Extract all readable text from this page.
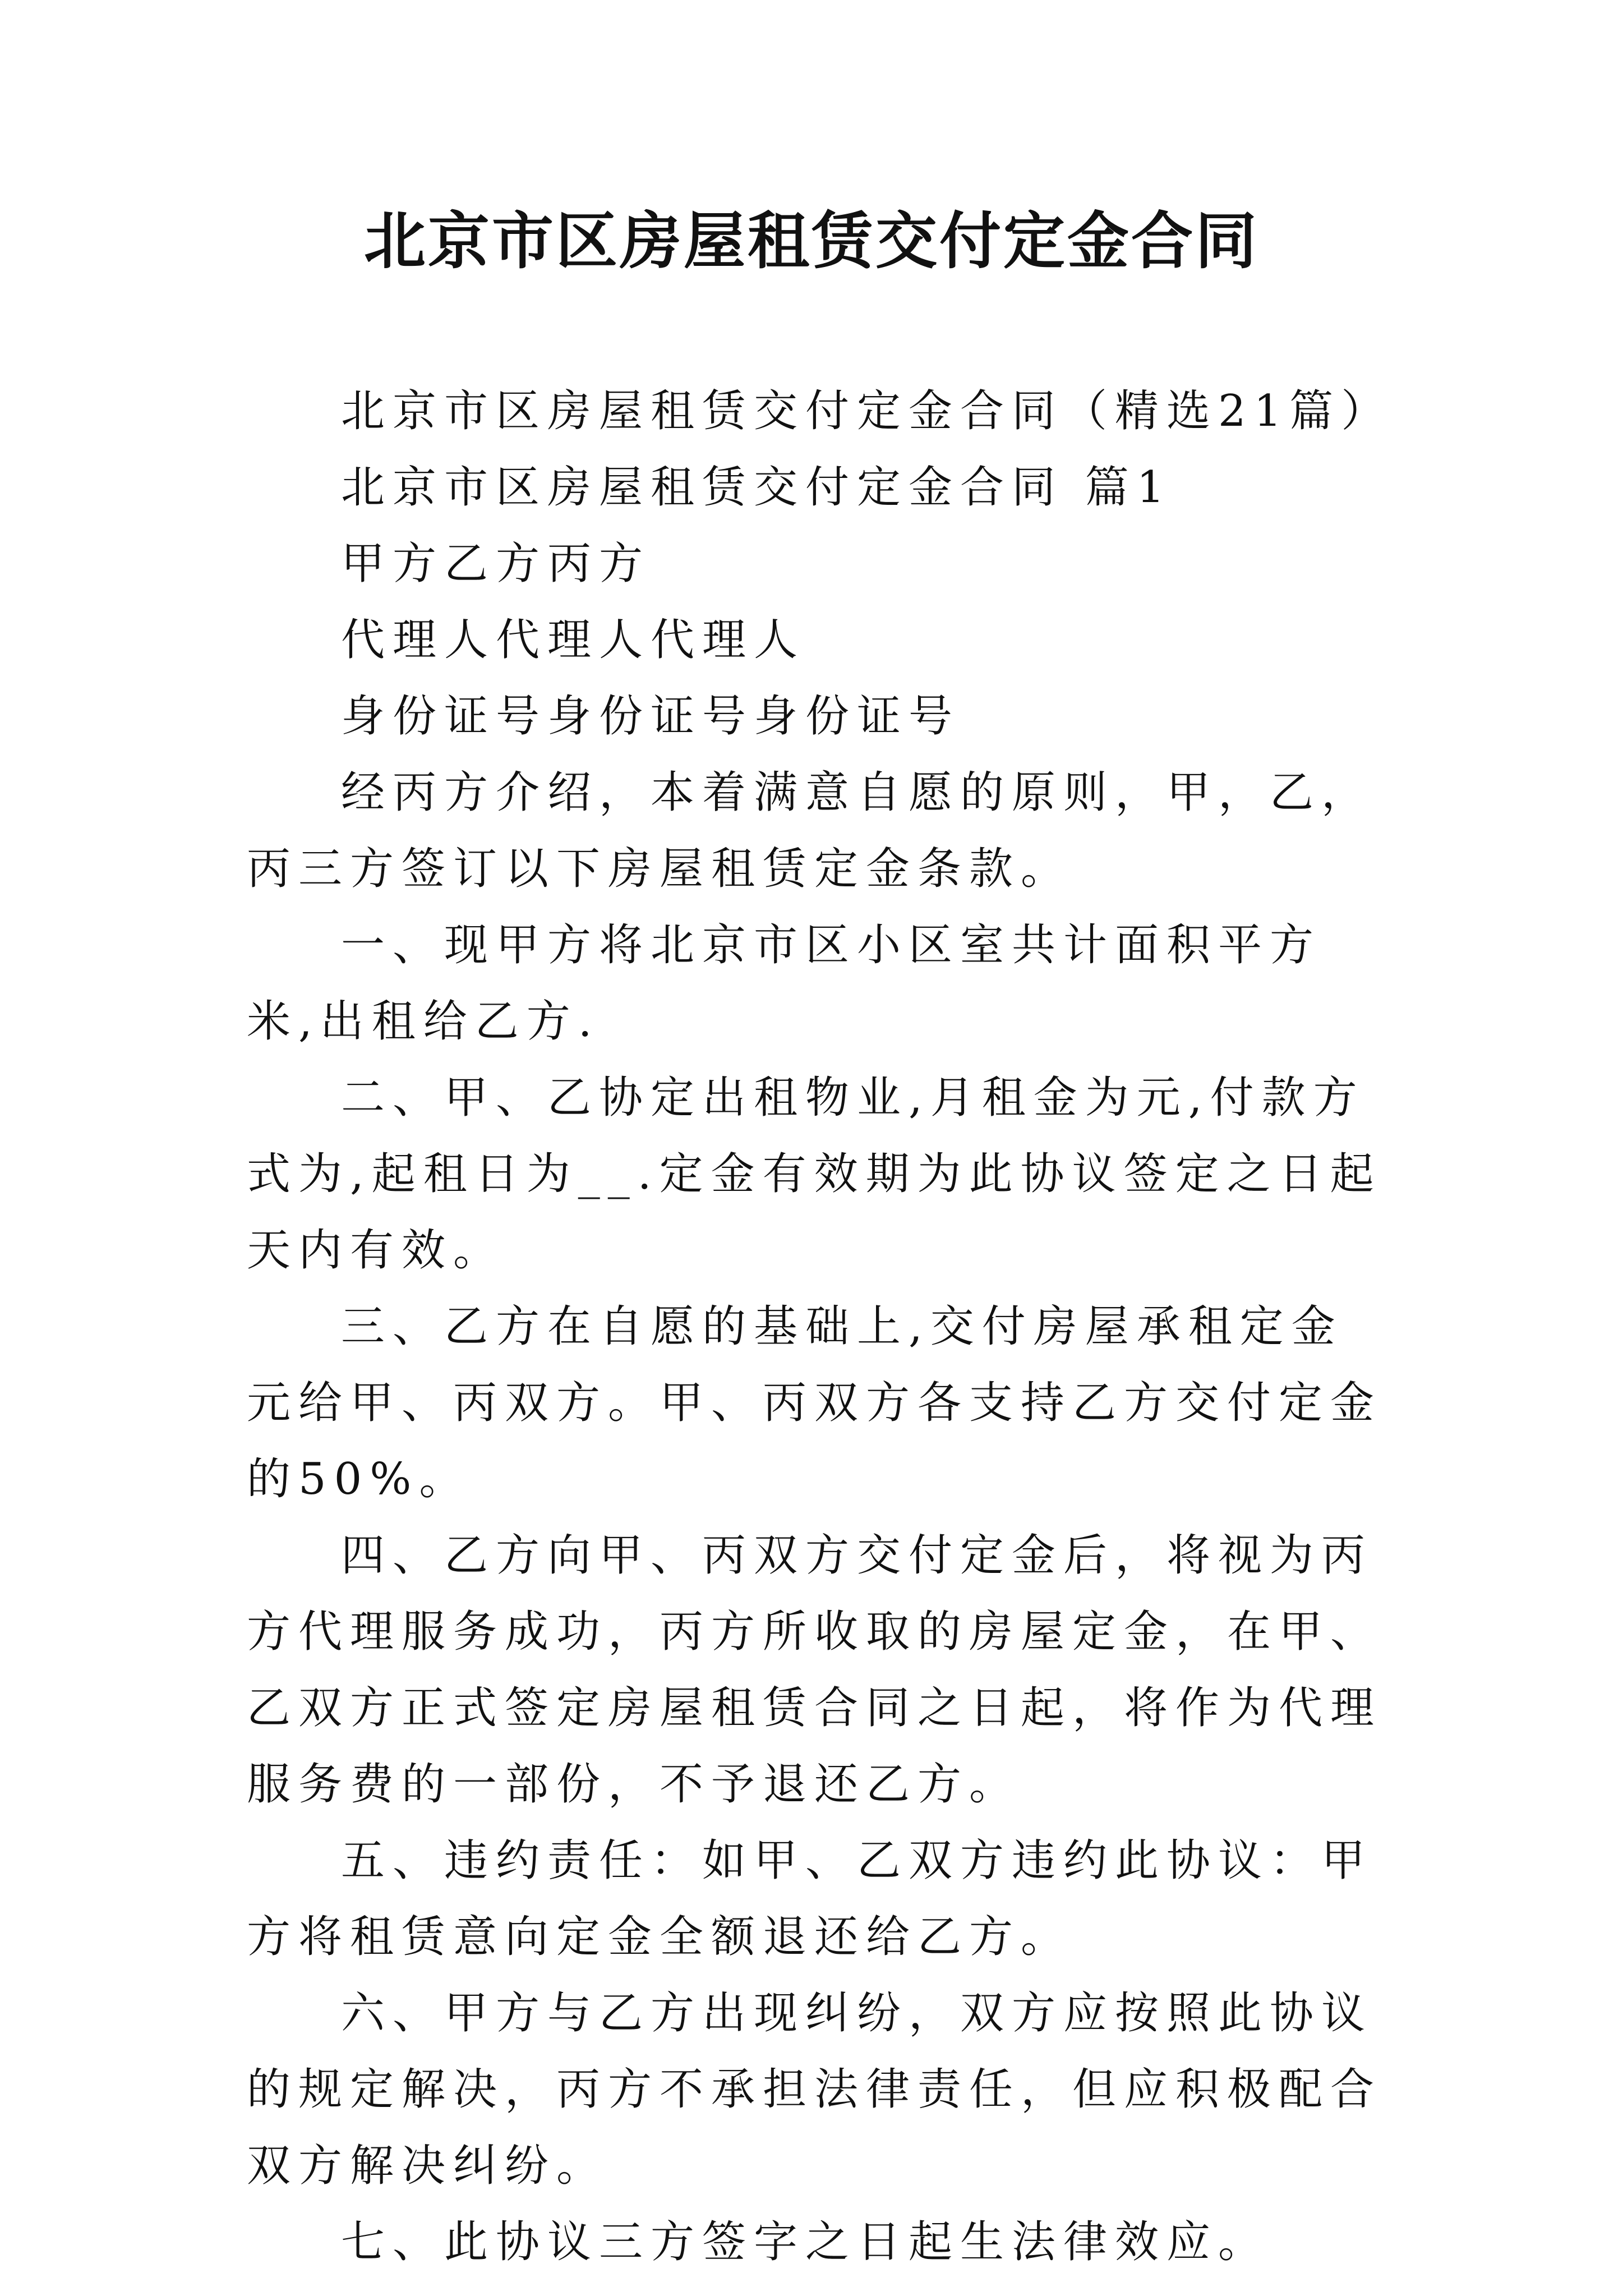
北京市区房屋租赁交付定金合同

北京市区房屋租赁交付定金合同（精选21篇）

北京市区房屋租赁交付定金合同 篇1

甲方乙方丙方

代理人代理人代理人

身份证号身份证号身份证号

经丙方介绍，本着满意自愿的原则，甲，乙，丙三方签订以下房屋租赁定金条款。

一、现甲方将北京市区小区室共计面积平方米,出租给乙方.

二、甲、乙协定出租物业,月租金为元,付款方式为,起租日为__.定金有效期为此协议签定之日起天内有效。

三、乙方在自愿的基础上,交付房屋承租定金元给甲、丙双方。甲、丙双方各支持乙方交付定金的50%。

四、乙方向甲、丙双方交付定金后，将视为丙方代理服务成功，丙方所收取的房屋定金，在甲、乙双方正式签定房屋租赁合同之日起，将作为代理服务费的一部份，不予退还乙方。

五、违约责任：如甲、乙双方违约此协议：甲方将租赁意向定金全额退还给乙方。

六、甲方与乙方出现纠纷，双方应按照此协议的规定解决，丙方不承担法律责任，但应积极配合双方解决纠纷。

七、此协议三方签字之日起生法律效应。
